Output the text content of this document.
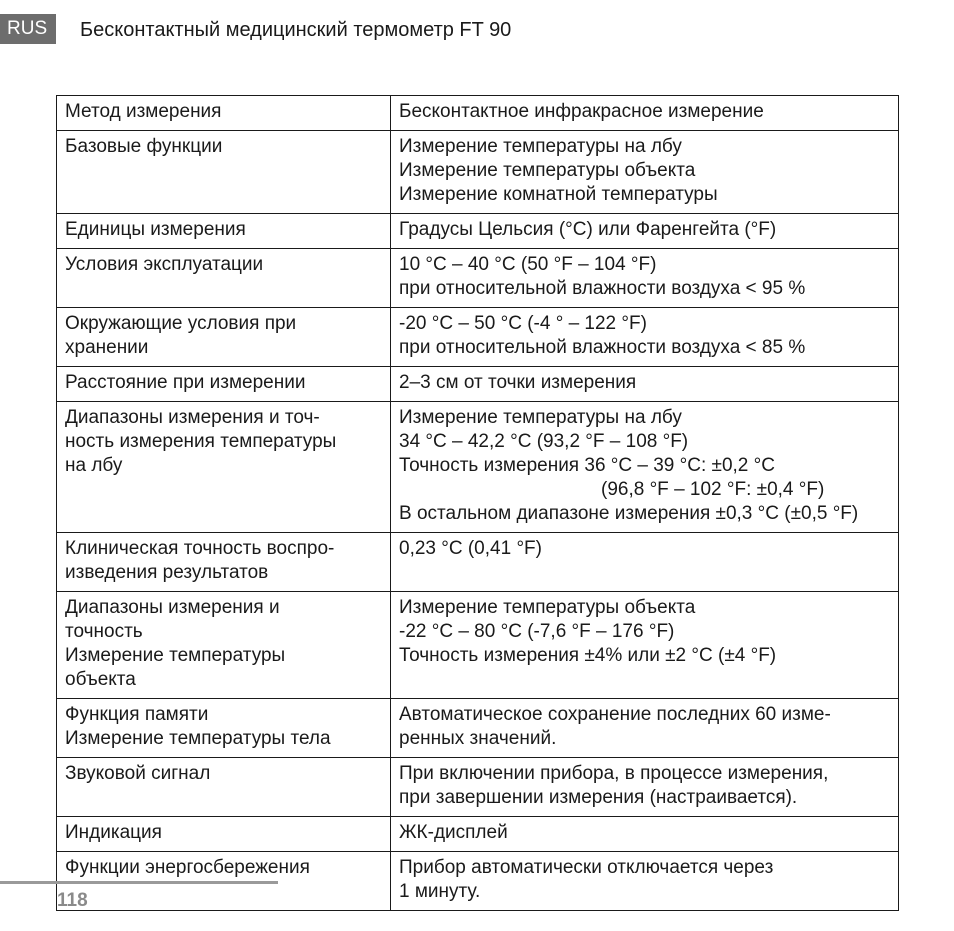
RUS	Бесконтактный медицинский термометр FT 90
Метод измерения	Бесконтактное инфракрасное измерение

Базовые функции	Измерение температуры на лбу
Измерение температуры объекта
Измерение комнатной температуры

Единицы измерения	Градусы Цельсия (°C) или Фаренгейта (°F)

Условия эксплуатации	10 °C – 40 °C (50 °F – 104 °F)
при относительной влажности воздуха < 95 %

Окружающие условия при
хранении	-20 °C – 50 °C (-4 ° – 122 °F)
при относительной влажности воздуха < 85 %

Расстояние при измерении	2–3 см от точки измерения

Диапазоны измерения и точ-
ность измерения температуры
на лбу	Измерение температуры на лбу
34 °C – 42,2 °C (93,2 °F – 108 °F)
Точность измерения 36 °C – 39 °C: ±0,2 °C
(96,8 °F – 102 °F: ±0,4 °F)
В остальном диапазоне измерения ±0,3 °C (±0,5 °F)

Клиническая точность воспро-
изведения результатов	0,23 °C (0,41 °F)

Диапазоны измерения и
точность
Измерение температуры
объекта	Измерение температуры объекта
-22 °C – 80 °C (-7,6 °F – 176 °F)
Точность измерения ±4% или ±2 °C (±4 °F)

Функция памяти
Измерение температуры тела	Автоматическое сохранение последних 60 изме-
ренных значений.

Звуковой сигнал	При включении прибора, в процессе измерения,
при завершении измерения (настраивается).

Индикация	ЖК-дисплей

Функции энергосбережения	Прибор автоматически отключается через
1 минуту.
118
